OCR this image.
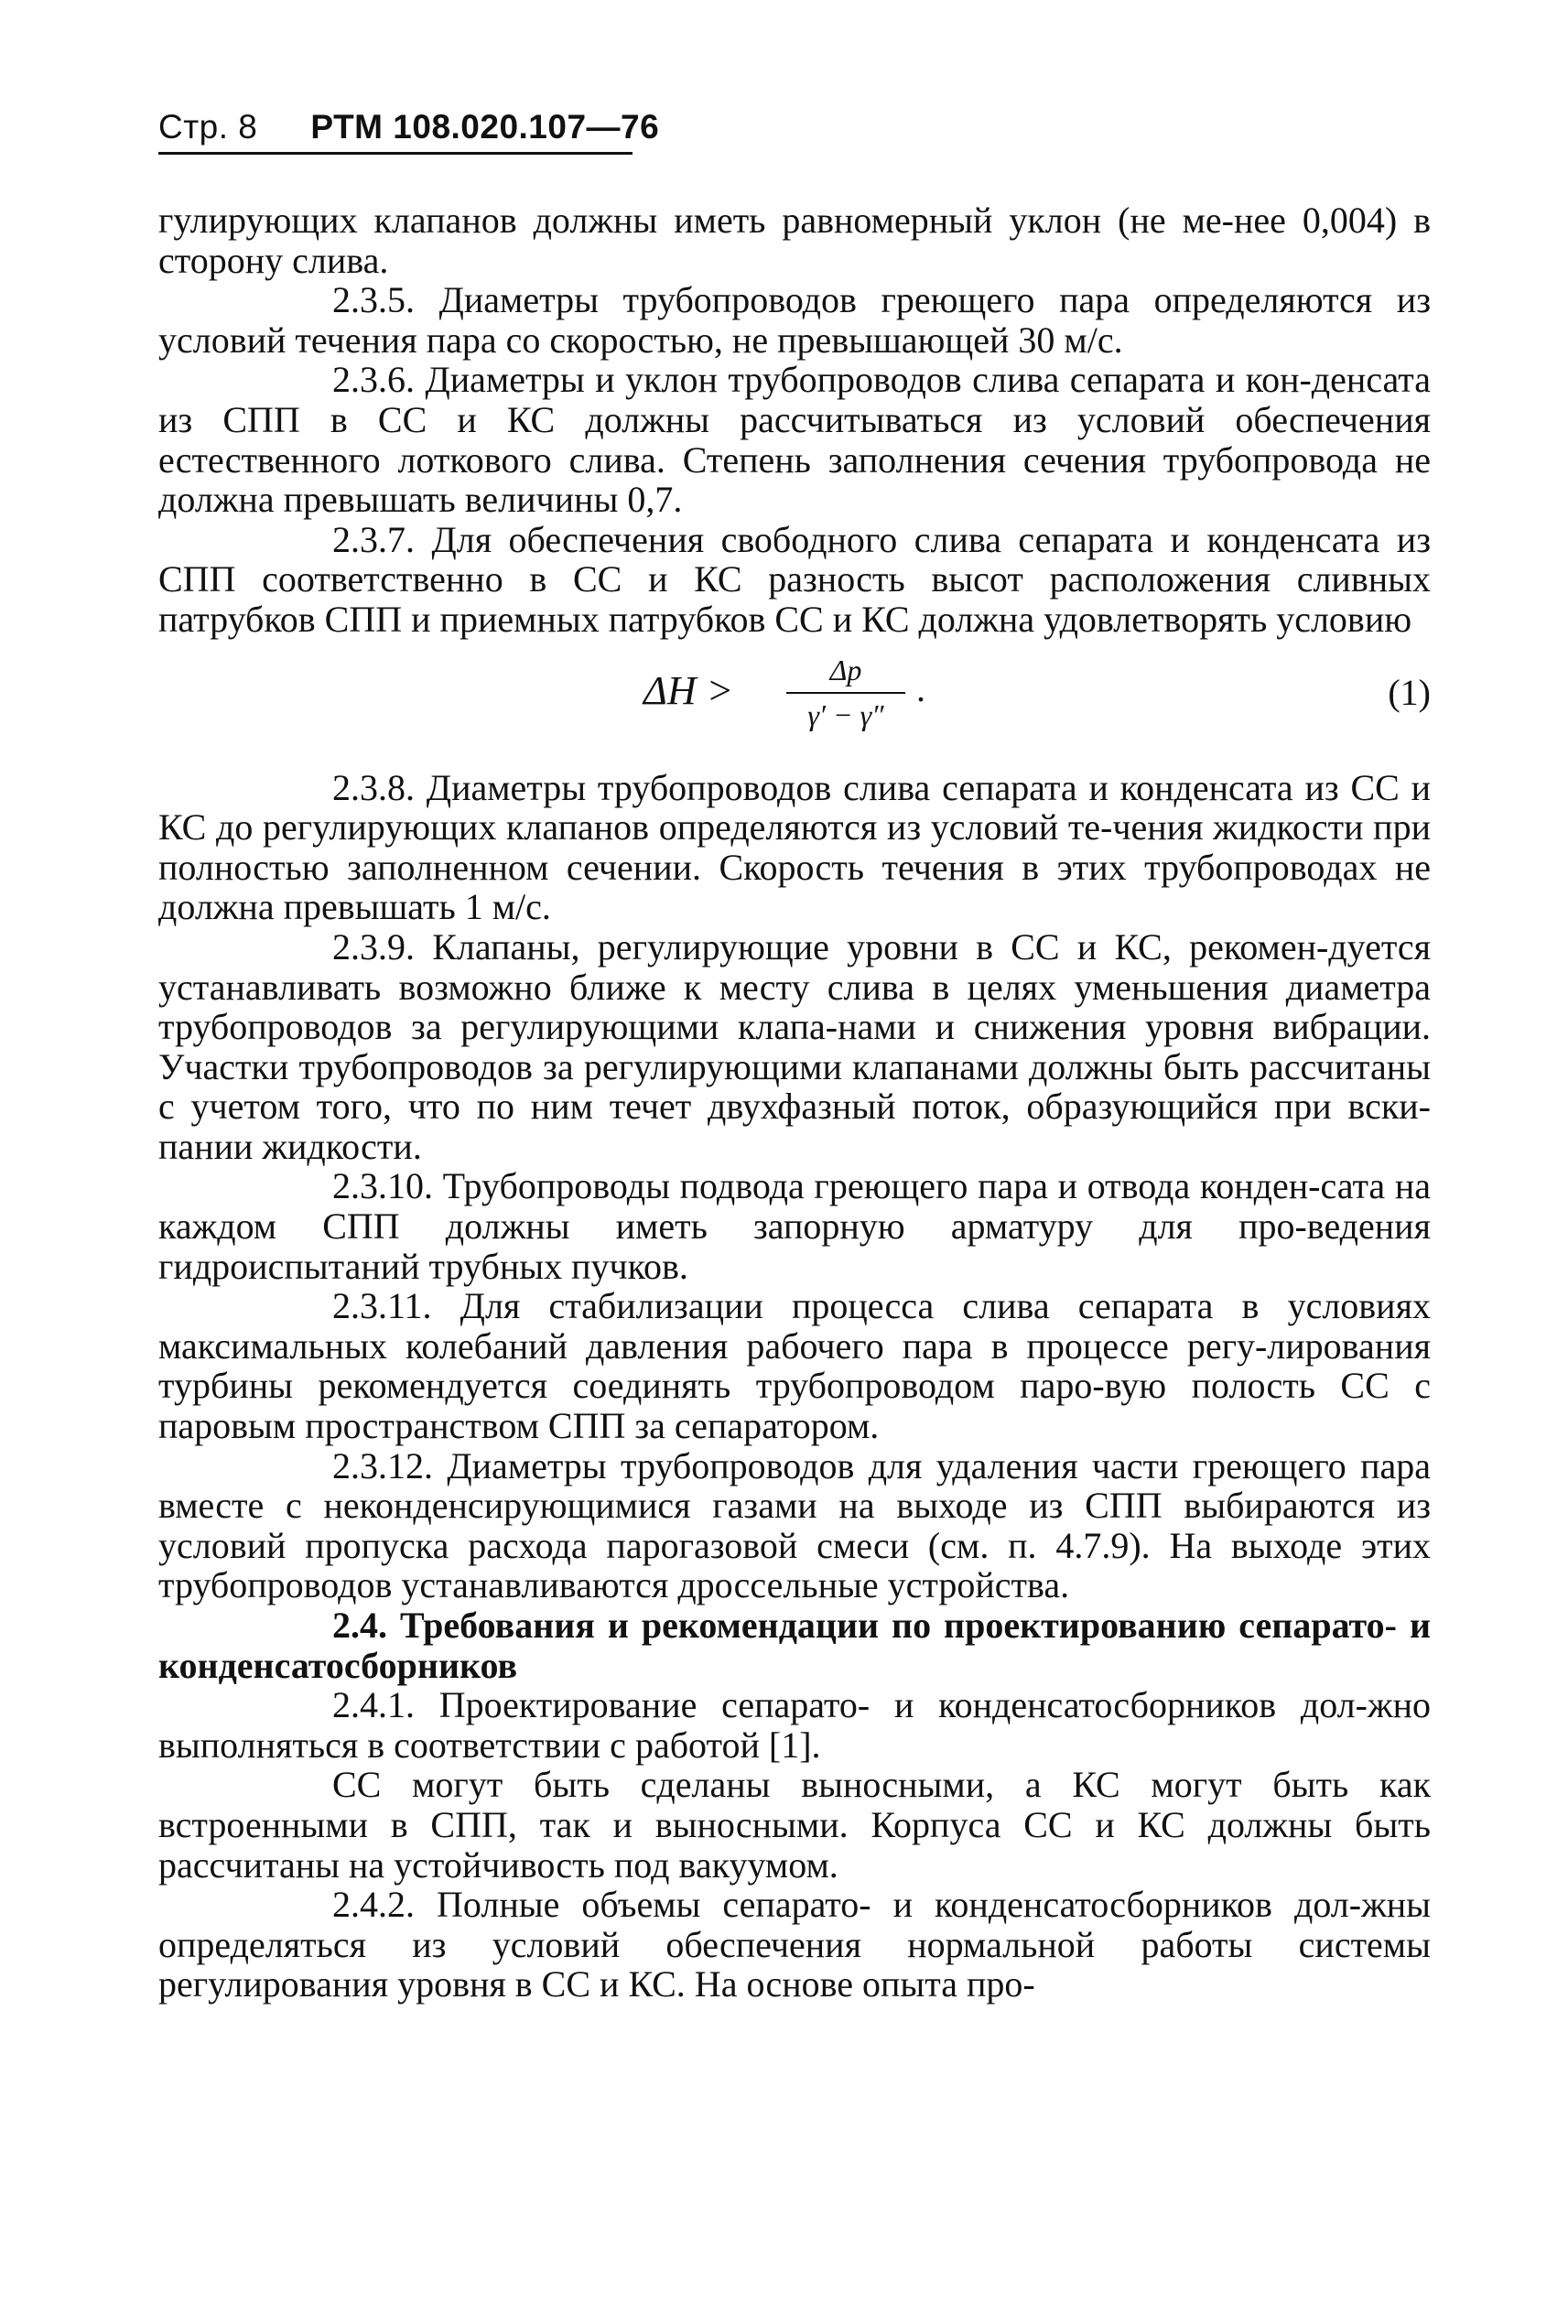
Стр. 8 РТМ 108.020.107—76

гулирующих клапанов должны иметь равномерный уклон (не ме-нее 0,004) в сторону слива.

2.3.5. Диаметры трубопроводов греющего пара определяются из условий течения пара со скоростью, не превышающей 30 м/с.

2.3.6. Диаметры и уклон трубопроводов слива сепарата и кон-денсата из СПП в СС и КС должны рассчитываться из условий обеспечения естественного лоткового слива. Степень заполнения сечения трубопровода не должна превышать величины 0,7.

2.3.7. Для обеспечения свободного слива сепарата и конденсата из СПП соответственно в СС и КС разность высот расположения сливных патрубков СПП и приемных патрубков СС и КС должна удовлетворять условию

$\Delta H > \frac{\Delta p}{\gamma' - \gamma''}$ .	(1)

2.3.8. Диаметры трубопроводов слива сепарата и конденсата из СС и КС до регулирующих клапанов определяются из условий те-чения жидкости при полностью заполненном сечении. Скорость течения в этих трубопроводах не должна превышать 1 м/с.

2.3.9. Клапаны, регулирующие уровни в СС и КС, рекомен-дуется устанавливать возможно ближе к месту слива в целях уменьшения диаметра трубопроводов за регулирующими клапа-нами и снижения уровня вибрации. Участки трубопроводов за регулирующими клапанами должны быть рассчитаны с учетом того, что по ним течет двухфазный поток, образующийся при вски-пании жидкости.

2.3.10. Трубопроводы подвода греющего пара и отвода конден-сата на каждом СПП должны иметь запорную арматуру для про-ведения гидроиспытаний трубных пучков.

2.3.11. Для стабилизации процесса слива сепарата в условиях максимальных колебаний давления рабочего пара в процессе регу-лирования турбины рекомендуется соединять трубопроводом паро-вую полость СС с паровым пространством СПП за сепаратором.

2.3.12. Диаметры трубопроводов для удаления части греющего пара вместе с неконденсирующимися газами на выходе из СПП выбираются из условий пропуска расхода парогазовой смеси (см. п. 4.7.9). На выходе этих трубопроводов устанавливаются дроссельные устройства.

2.4. Требования и рекомендации по проектированию сепарато- и конденсатосборников

2.4.1. Проектирование сепарато- и конденсатосборников дол-жно выполняться в соответствии с работой [1].

СС могут быть сделаны выносными, а КС могут быть как встроенными в СПП, так и выносными. Корпуса СС и КС должны быть рассчитаны на устойчивость под вакуумом.

2.4.2. Полные объемы сепарато- и конденсатосборников дол-жны определяться из условий обеспечения нормальной работы системы регулирования уровня в СС и КС. На основе опыта про-
